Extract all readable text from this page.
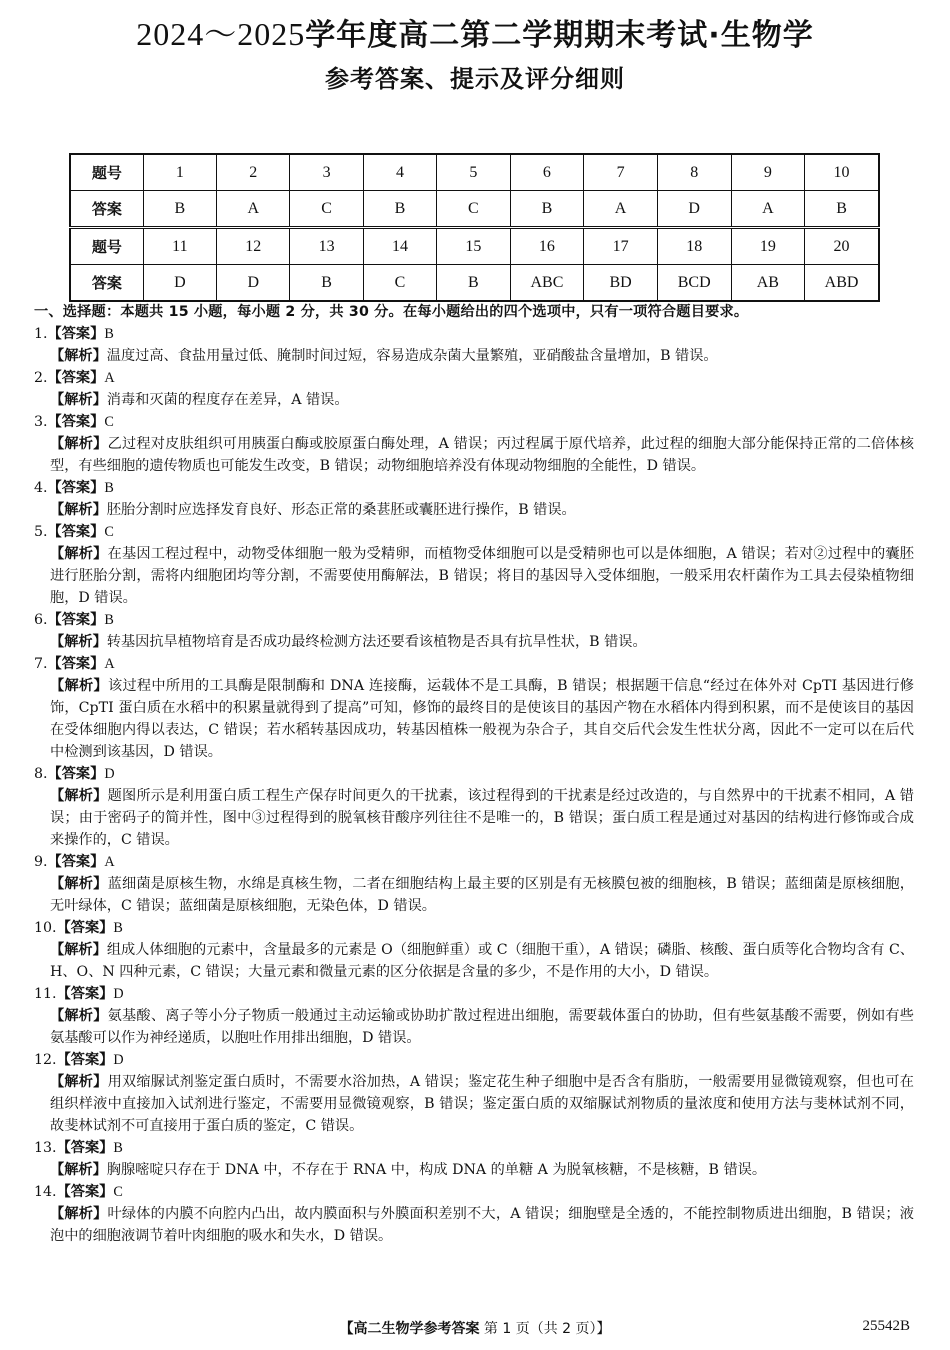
2024～2025学年度高二第二学期期末考试·生物学
参考答案、提示及评分细则
题号	1	2	3	4	5	6	7	8	9	10
答案	B	A	C	B	C	B	A	D	A	B
题号	11	12	13	14	15	16	17	18	19	20
答案	D	D	B	C	B	ABC	BD	BCD	AB	ABD
一、选择题：本题共 15 小题，每小题 2 分，共 30 分。在每小题给出的四个选项中，只有一项符合题目要求。
1.【答案】B
【解析】温度过高、食盐用量过低、腌制时间过短，容易造成杂菌大量繁殖，亚硝酸盐含量增加，B 错误。
2.【答案】A
【解析】消毒和灭菌的程度存在差异，A 错误。
3.【答案】C
【解析】乙过程对皮肤组织可用胰蛋白酶或胶原蛋白酶处理，A 错误；丙过程属于原代培养，此过程的细胞大部分能保持正常的二倍体核型，有些细胞的遗传物质也可能发生改变，B 错误；动物细胞培养没有体现动物细胞的全能性，D 错误。
4.【答案】B
【解析】胚胎分割时应选择发育良好、形态正常的桑葚胚或囊胚进行操作，B 错误。
5.【答案】C
【解析】在基因工程过程中，动物受体细胞一般为受精卵，而植物受体细胞可以是受精卵也可以是体细胞，A 错误；若对②过程中的囊胚进行胚胎分割，需将内细胞团均等分割，不需要使用酶解法，B 错误；将目的基因导入受体细胞，一般采用农杆菌作为工具去侵染植物细胞，D 错误。
6.【答案】B
【解析】转基因抗旱植物培育是否成功最终检测方法还要看该植物是否具有抗旱性状，B 错误。
7.【答案】A
【解析】该过程中所用的工具酶是限制酶和 DNA 连接酶，运载体不是工具酶，B 错误；根据题干信息“经过在体外对 CpTI 基因进行修饰，CpTI 蛋白质在水稻中的积累量就得到了提高”可知，修饰的最终目的是使该目的基因产物在水稻体内得到积累，而不是使该目的基因在受体细胞内得以表达，C 错误；若水稻转基因成功，转基因植株一般视为杂合子，其自交后代会发生性状分离，因此不一定可以在后代中检测到该基因，D 错误。
8.【答案】D
【解析】题图所示是利用蛋白质工程生产保存时间更久的干扰素，该过程得到的干扰素是经过改造的，与自然界中的干扰素不相同，A 错误；由于密码子的简并性，图中③过程得到的脱氧核苷酸序列往往不是唯一的，B 错误；蛋白质工程是通过对基因的结构进行修饰或合成来操作的，C 错误。
9.【答案】A
【解析】蓝细菌是原核生物，水绵是真核生物，二者在细胞结构上最主要的区别是有无核膜包被的细胞核，B 错误；蓝细菌是原核细胞，无叶绿体，C 错误；蓝细菌是原核细胞，无染色体，D 错误。
10.【答案】B
【解析】组成人体细胞的元素中，含量最多的元素是 O（细胞鲜重）或 C（细胞干重），A 错误；磷脂、核酸、蛋白质等化合物均含有 C、H、O、N 四种元素，C 错误；大量元素和微量元素的区分依据是含量的多少，不是作用的大小，D 错误。
11.【答案】D
【解析】氨基酸、离子等小分子物质一般通过主动运输或协助扩散过程进出细胞，需要载体蛋白的协助，但有些氨基酸不需要，例如有些氨基酸可以作为神经递质，以胞吐作用排出细胞，D 错误。
12.【答案】D
【解析】用双缩脲试剂鉴定蛋白质时，不需要水浴加热，A 错误；鉴定花生种子细胞中是否含有脂肪，一般需要用显微镜观察，但也可在组织样液中直接加入试剂进行鉴定，不需要用显微镜观察，B 错误；鉴定蛋白质的双缩脲试剂物质的量浓度和使用方法与斐林试剂不同，故斐林试剂不可直接用于蛋白质的鉴定，C 错误。
13.【答案】B
【解析】胸腺嘧啶只存在于 DNA 中，不存在于 RNA 中，构成 DNA 的单糖 A 为脱氧核糖，不是核糖，B 错误。
14.【答案】C
【解析】叶绿体的内膜不向腔内凸出，故内膜面积与外膜面积差别不大，A 错误；细胞壁是全透的，不能控制物质进出细胞，B 错误；液泡中的细胞液调节着叶肉细胞的吸水和失水，D 错误。
【高二生物学参考答案 第 1 页（共 2 页）】	25542B
